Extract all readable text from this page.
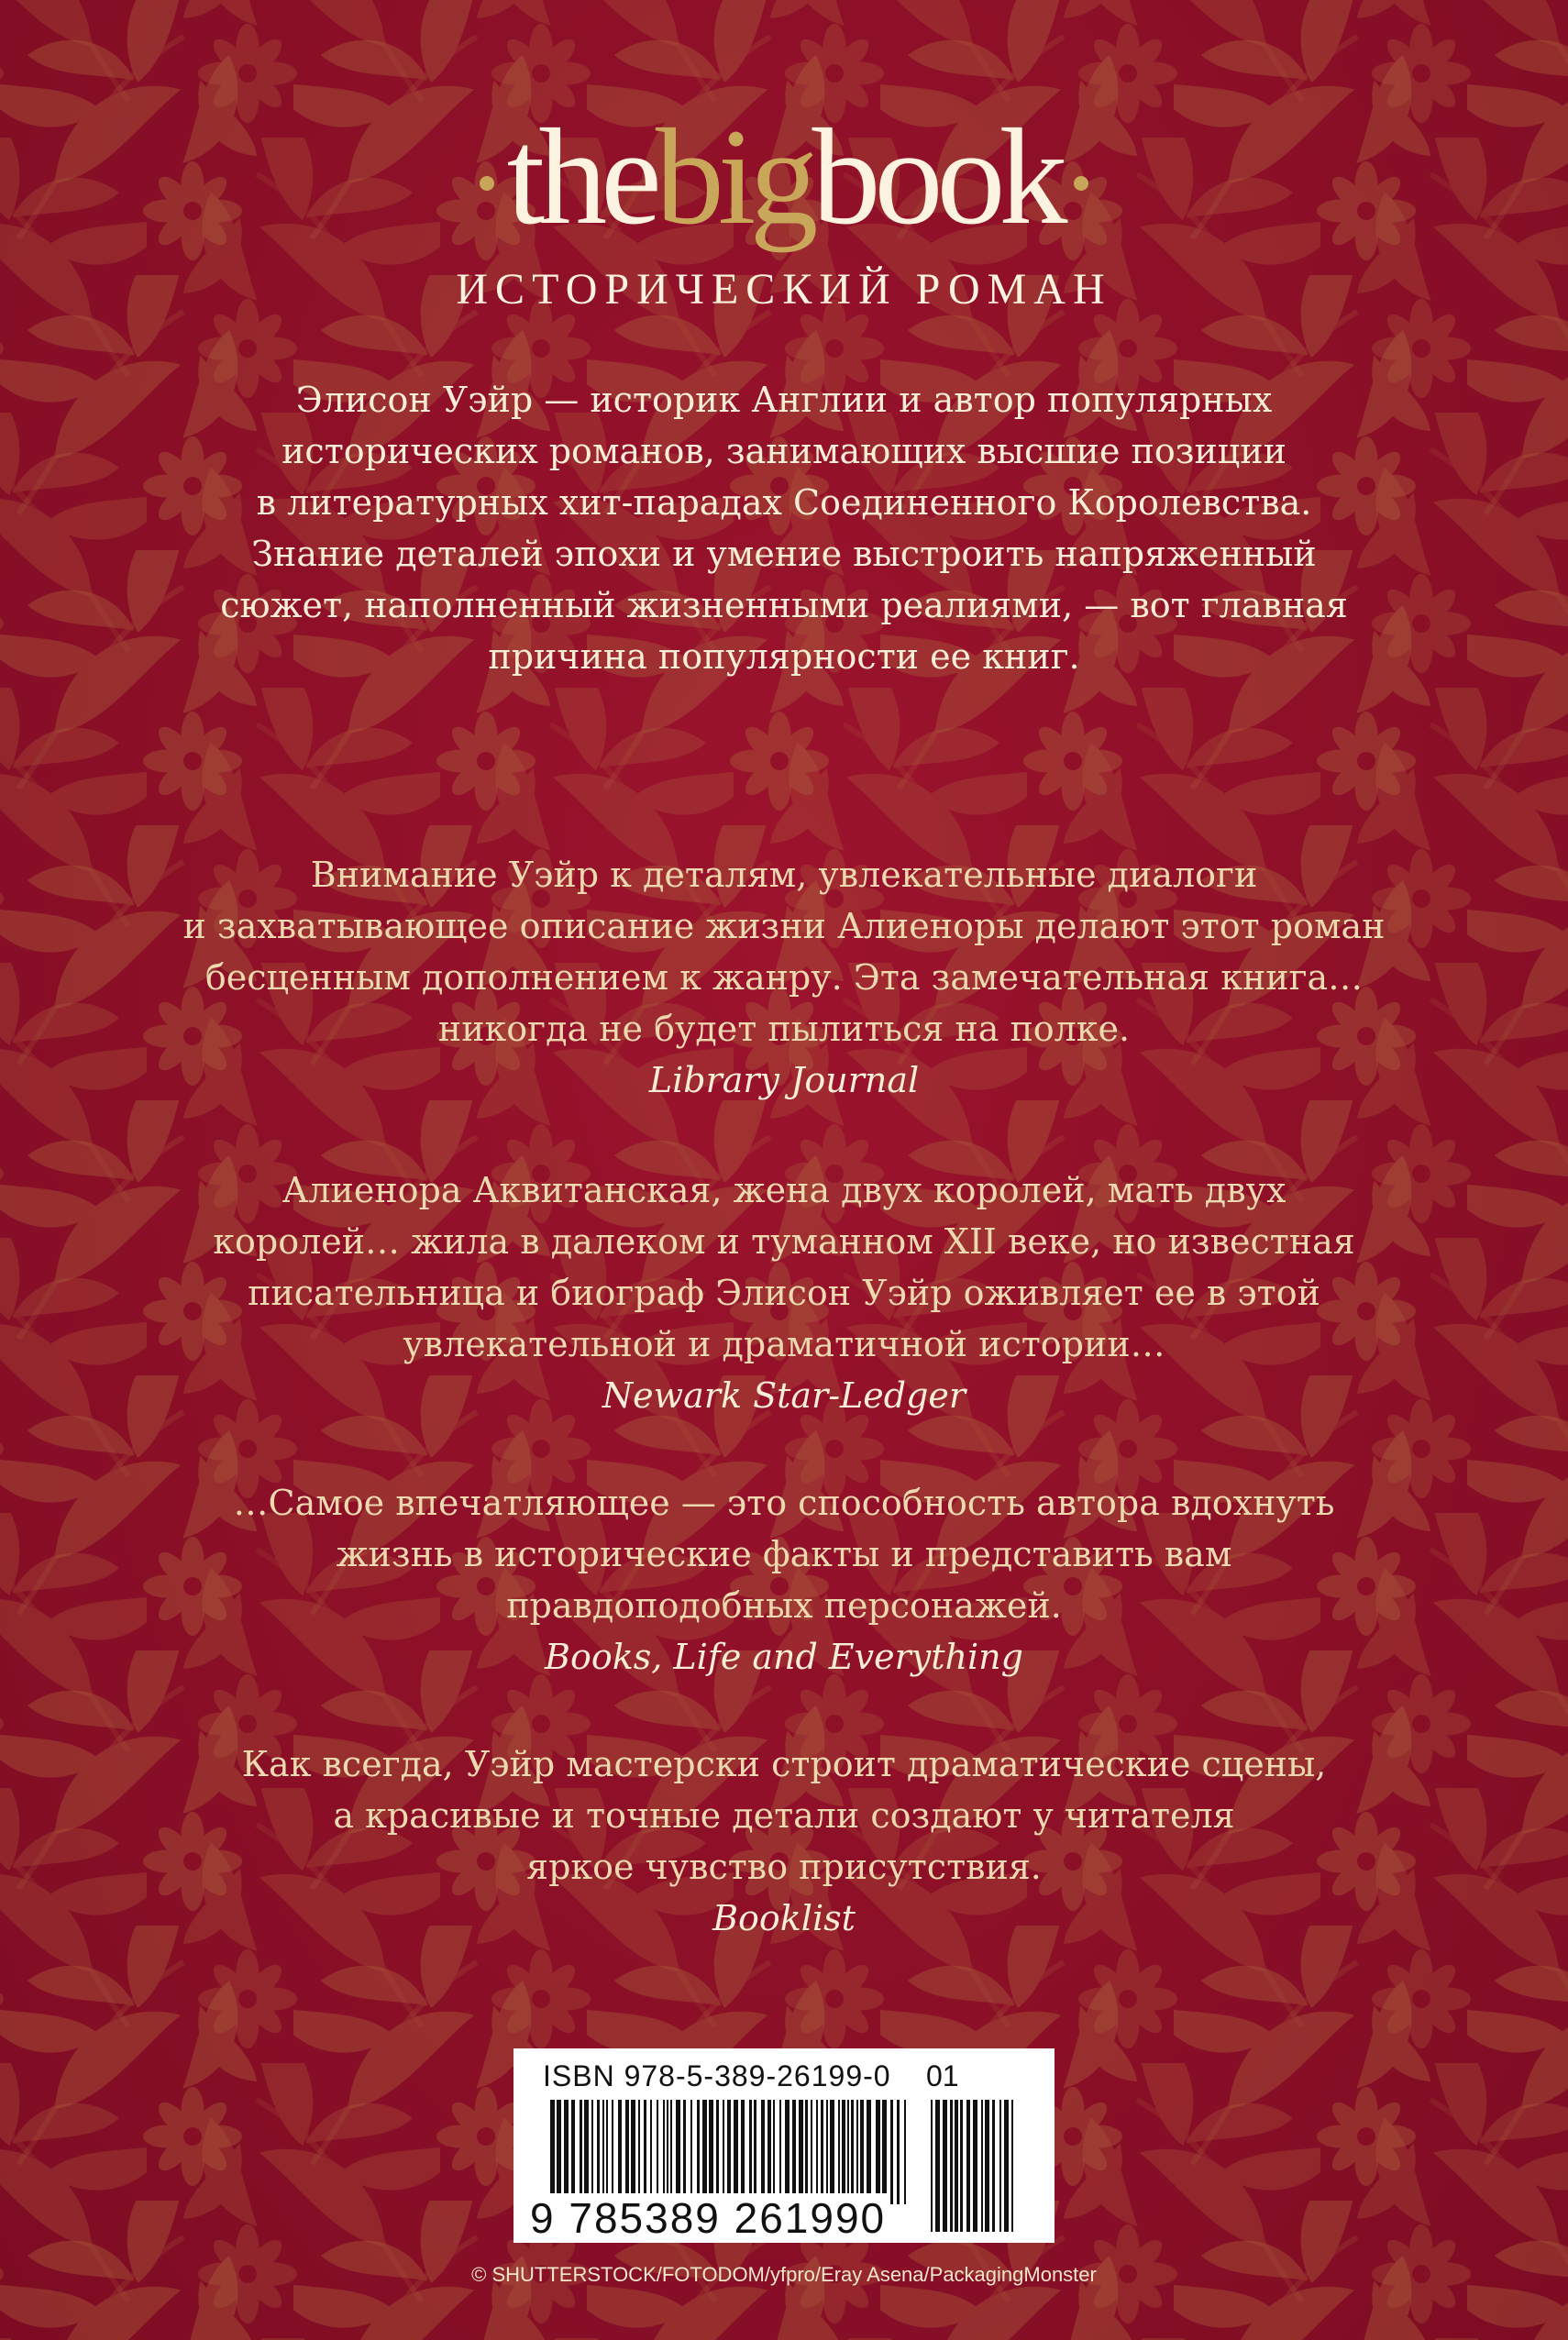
thebigbook
ИСТОРИЧЕСКИЙ РОМАН
Элисон Уэйр — историк Англии и автор популярных
исторических романов, занимающих высшие позиции
в литературных хит-парадах Соединенного Королевства.
Знание деталей эпохи и умение выстроить напряженный
сюжет, наполненный жизненными реалиями, — вот главная
причина популярности ее книг.

Внимание Уэйр к деталям, увлекательные диалоги
и захватывающее описание жизни Алиеноры делают этот роман
бесценным дополнением к жанру. Эта замечательная книга…
никогда не будет пылиться на полке.

Library Journal

Алиенора Аквитанская, жена двух королей, мать двух
королей… жила в далеком и туманном XII веке, но известная
писательница и биограф Элисон Уэйр оживляет ее в этой
увлекательной и драматичной истории…

Newark Star-Ledger

…Самое впечатляющее — это способность автора вдохнуть
жизнь в исторические факты и представить вам
правдоподобных персонажей.

Books, Life and Everything

Как всегда, Уэйр мастерски строит драматические сцены,
а красивые и точные детали создают у читателя
яркое чувство присутствия.

Booklist

ISBN 978-5-389-26199-0 01
9 785389 261990
© SHUTTERSTOCK/FOTODOM/yfpro/Eray Asena/PackagingMonster
